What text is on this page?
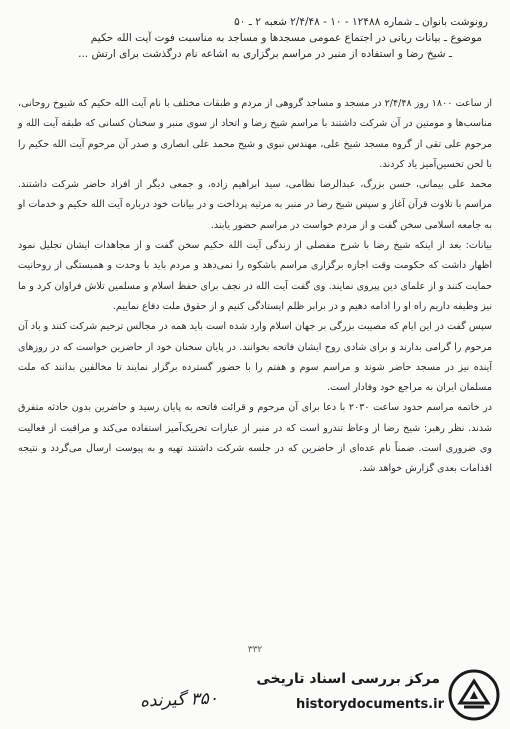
رونوشت بانوان ـ شماره ۱۲۴۸۸ - ۱۰ - ۲/۴/۴۸ شعبه ۲ ـ ۵۰
موضوع ـ بیانات ربانی در اجتماع عمومی مسجدها و مساجد به مناسبت فوت آیت الله حکیم
ـ شیخ رضا و استفاده از منبر در مراسم برگزاری به اشاعه نام درگذشت برای ارتش ...

از ساعت ۱۸۰۰ روز ۲/۴/۴۸ در مسجد و مساجد گروهی از مردم و طبقات مختلف با نام آیت الله حکیم که شیوخ روحانی، مناسب‌ها و مومنین در آن شرکت داشتند با مراسم شیخ رضا و اتحاد از سوی منبر و سخنان کسانی که طبقه آیت الله و مرحوم علی تقی از گروه مسجد شیخ علی، مهندس نبوی و شیخ محمد علی انصاری و صدر آن مرحوم آیت الله حکیم را با لحن تحسین‌آمیز یاد کردند.

محمد علی بیمانی، حسن بزرگ، عبدالرضا نظامی، سید ابراهیم زاده، و جمعی دیگر از افراد حاضر شرکت داشتند. مراسم با تلاوت قرآن آغاز و سپس شیخ رضا در منبر به مرثیه پرداخت و در بیانات خود درباره آیت الله حکیم و خدمات او به جامعه اسلامی سخن گفت و از مردم خواست در مراسم حضور یابند.

بیانات: بعد از اینکه شیخ رضا با شرح مفصلی از زندگی آیت الله حکیم سخن گفت و از مجاهدات ایشان تجلیل نمود اظهار داشت که حکومت وقت اجازه برگزاری مراسم باشکوه را نمی‌دهد و مردم باید با وحدت و همبستگی از روحانیت حمایت کنند و از علمای دین پیروی نمایند. وی گفت آیت الله در نجف برای حفظ اسلام و مسلمین تلاش فراوان کرد و ما نیز وظیفه داریم راه او را ادامه دهیم و در برابر ظلم ایستادگی کنیم و از حقوق ملت دفاع نماییم.

سپس گفت در این ایام که مصیبت بزرگی بر جهان اسلام وارد شده است باید همه در مجالس ترحیم شرکت کنند و یاد آن مرحوم را گرامی بدارند و برای شادی روح ایشان فاتحه بخوانند. در پایان سخنان خود از حاضرین خواست که در روزهای آینده نیز در مسجد حاضر شوند و مراسم سوم و هفتم را با حضور گسترده برگزار نمایند تا مخالفین بدانند که ملت مسلمان ایران به مراجع خود وفادار است.

در خاتمه مراسم حدود ساعت ۲۰۳۰ با دعا برای آن مرحوم و قرائت فاتحه به پایان رسید و حاضرین بدون حادثه متفرق شدند. نظر رهبر: شیخ رضا از وعاظ تندرو است که در منبر از عبارات تحریک‌آمیز استفاده می‌کند و مراقبت از فعالیت وی ضروری است. ضمناً نام عده‌ای از حاضرین که در جلسه شرکت داشتند تهیه و به پیوست ارسال می‌گردد و نتیجه اقدامات بعدی گزارش خواهد شد.

۳۳۲
۳۵۰ گیرنده
مرکز بررسی اسناد تاریخی
historydocuments.ir
